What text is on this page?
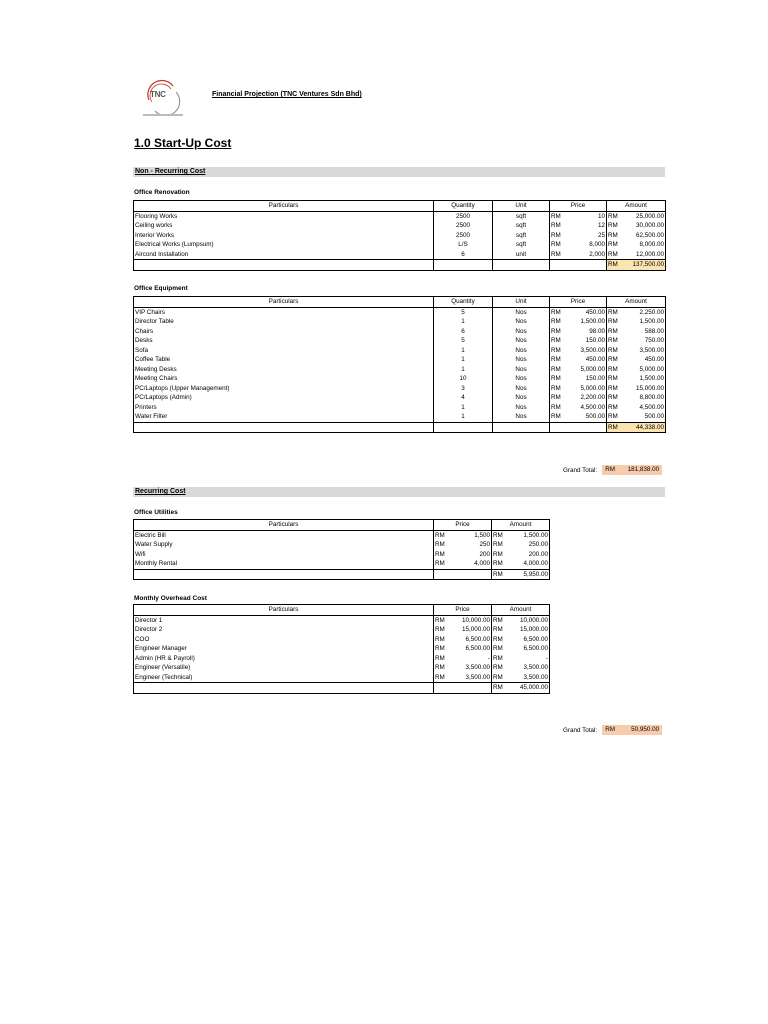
TNC	Financial Projection (TNC Ventures Sdn Bhd)
1.0 Start-Up Cost
Non - Recurring Cost
Office Renovation
Particulars	Quantity	Unit	Price	Amount
Flooring Works	2500	sqft	RM 10	RM 25,000.00

Ceiling works	2500	sqft	RM 12	RM 30,000.00

Interior Works	2500	sqft	RM 25	RM 62,500.00

Electrical Works (Lumpsum)	L/S	sqft	RM 8,000	RM 8,000.00

Aircond Installation	6	unit	RM 2,000	RM 12,000.00

				RM 137,500.00
Office Equipment
Particulars	Quantity	Unit	Price	Amount
VIP Chairs	5	Nos	RM 450.00	RM 2,250.00

Director Table	1	Nos	RM 1,500.00	RM 1,500.00

Chairs	6	Nos	RM 98.00	RM 588.00

Desks	5	Nos	RM 150.00	RM 750.00

Sofa	1	Nos	RM 3,500.00	RM 3,500.00

Coffee Table	1	Nos	RM 450.00	RM 450.00

Meeting Desks	1	Nos	RM 5,000.00	RM 5,000.00

Meeting Chairs	10	Nos	RM 150.00	RM 1,500.00

PC/Laptops (Upper Management)	3	Nos	RM 5,000.00	RM 15,000.00

PC/Laptops (Admin)	4	Nos	RM 2,200.00	RM 8,800.00

Printers	1	Nos	RM 4,500.00	RM 4,500.00

Water Filter	1	Nos	RM 500.00	RM 500.00

				RM 44,338.00
Grand Total: RM 181,838.00
Recurring Cost
Office Utilities
Particulars	Price	Amount
Electric Bill	RM 1,500	RM 1,500.00

Water Supply	RM 250	RM 250.00

Wifi	RM 200	RM 200.00

Monthly Rental	RM 4,000	RM 4,000.00

		RM 5,950.00
Monthly Overhead Cost
Particulars	Price	Amount
Director 1	RM 10,000.00	RM 10,000.00

Director 2	RM 15,000.00	RM 15,000.00

COO	RM 6,500.00	RM 6,500.00

Engineer Manager	RM 6,500.00	RM 6,500.00

Admin (HR & Payroll)	RM -	RM -

Engineer (Versatile)	RM 3,500.00	RM 3,500.00

Engineer (Technical)	RM 3,500.00	RM 3,500.00

		RM 45,000.00
Grand Total: RM	50,950.00
